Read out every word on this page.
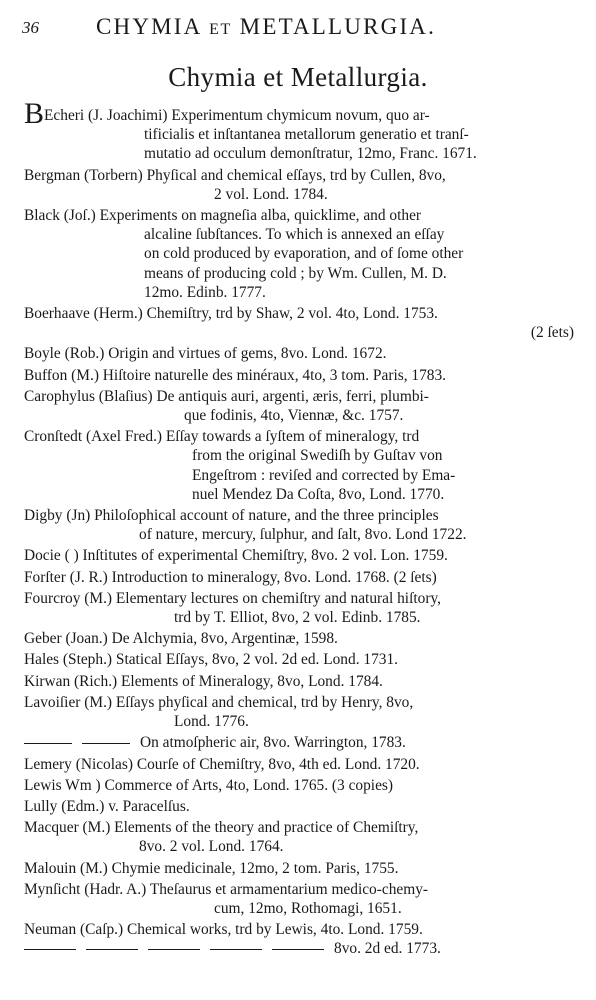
36 CHYMIA ET METALLURGIA.
Chymia et Metallurgia.
BEcheri (J. Joachimi) Experimentum chymicum novum, quo ar-
tificialis et inſtantanea metallorum generatio et tranſ-
mutatio ad occulum demonſtratur, 12mo, Franc. 1671.
Bergman (Torbern) Phyſical and chemical eſſays, trd by Cullen, 8vo,
2 vol. Lond. 1784.
Black (Joſ.) Experiments on magneſia alba, quicklime, and other
alcaline ſubſtances. To which is annexed an eſſay
on cold produced by evaporation, and of ſome other
means of producing cold ; by Wm. Cullen, M. D.
12mo. Edinb. 1777.
Boerhaave (Herm.) Chemiſtry, trd by Shaw, 2 vol. 4to, Lond. 1753.
(2 ſets)
Boyle (Rob.) Origin and virtues of gems, 8vo. Lond. 1672.
Buffon (M.) Hiſtoire naturelle des minéraux, 4to, 3 tom. Paris, 1783.
Carophylus (Blaſius) De antiquis auri, argenti, æris, ferri, plumbi-
que fodinis, 4to, Viennæ, &c. 1757.
Cronſtedt (Axel Fred.) Eſſay towards a ſyſtem of mineralogy, trd
from the original Swediſh by Guſtav von
Engeſtrom : reviſed and corrected by Ema-
nuel Mendez Da Coſta, 8vo, Lond. 1770.
Digby (Jn) Philoſophical account of nature, and the three principles
of nature, mercury, ſulphur, and ſalt, 8vo. Lond 1722.
Docie ( ) Inſtitutes of experimental Chemiſtry, 8vo. 2 vol. Lon. 1759.
Forſter (J. R.) Introduction to mineralogy, 8vo. Lond. 1768. (2 ſets)
Fourcroy (M.) Elementary lectures on chemiſtry and natural hiſtory,
trd by T. Elliot, 8vo, 2 vol. Edinb. 1785.
Geber (Joan.) De Alchymia, 8vo, Argentinæ, 1598.
Hales (Steph.) Statical Eſſays, 8vo, 2 vol. 2d ed. Lond. 1731.
Kirwan (Rich.) Elements of Mineralogy, 8vo, Lond. 1784.
Lavoiſier (M.) Eſſays phyſical and chemical, trd by Henry, 8vo,
Lond. 1776.
On atmoſpheric air, 8vo. Warrington, 1783.
Lemery (Nicolas) Courſe of Chemiſtry, 8vo, 4th ed. Lond. 1720.
Lewis Wm ) Commerce of Arts, 4to, Lond. 1765. (3 copies)
Lully (Edm.) v. Paracelſus.
Macquer (M.) Elements of the theory and practice of Chemiſtry,
8vo. 2 vol. Lond. 1764.
Malouin (M.) Chymie medicinale, 12mo, 2 tom. Paris, 1755.
Mynſicht (Hadr. A.) Theſaurus et armamentarium medico-chemy-
cum, 12mo, Rothomagi, 1651.
Neuman (Caſp.) Chemical works, trd by Lewis, 4to. Lond. 1759.
8vo. 2d ed. 1773.
